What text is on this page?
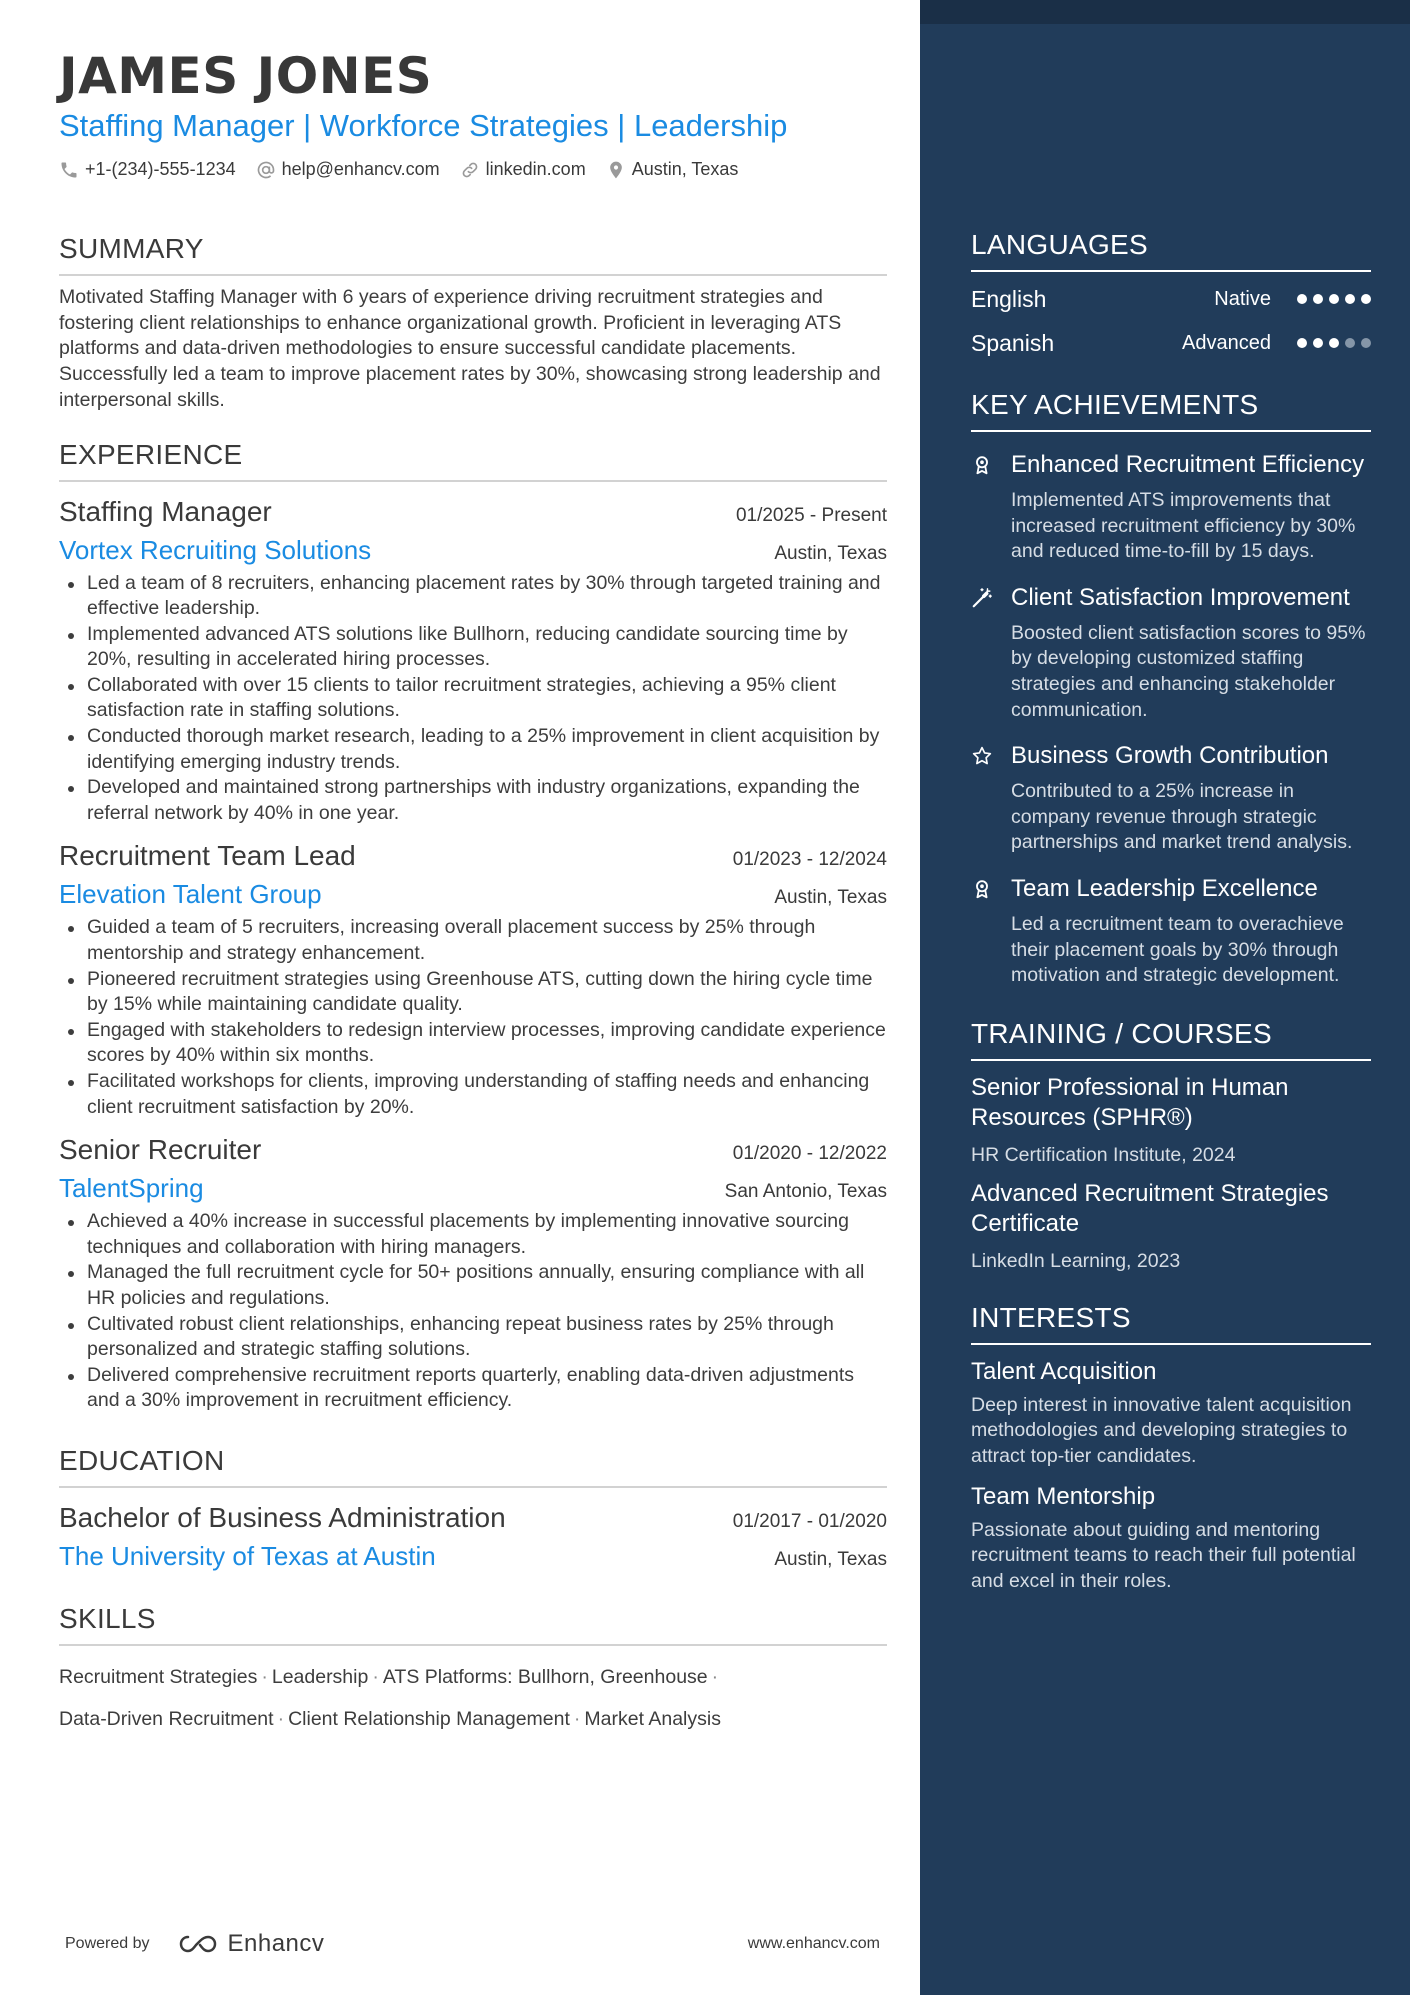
JAMES JONES
Staffing Manager | Workforce Strategies | Leadership
+1-(234)-555-1234	help@enhancv.com	linkedin.com	Austin, Texas
SUMMARY
Motivated Staffing Manager with 6 years of experience driving recruitment strategies and fostering client relationships to enhance organizational growth. Proficient in leveraging ATS platforms and data-driven methodologies to ensure successful candidate placements. Successfully led a team to improve placement rates by 30%, showcasing strong leadership and interpersonal skills.
EXPERIENCE
Staffing Manager	01/2025 - Present
Vortex Recruiting Solutions	Austin, Texas
Led a team of 8 recruiters, enhancing placement rates by 30% through targeted training and effective leadership.
Implemented advanced ATS solutions like Bullhorn, reducing candidate sourcing time by 20%, resulting in accelerated hiring processes.
Collaborated with over 15 clients to tailor recruitment strategies, achieving a 95% client satisfaction rate in staffing solutions.
Conducted thorough market research, leading to a 25% improvement in client acquisition by identifying emerging industry trends.
Developed and maintained strong partnerships with industry organizations, expanding the referral network by 40% in one year.
Recruitment Team Lead	01/2023 - 12/2024
Elevation Talent Group	Austin, Texas
Guided a team of 5 recruiters, increasing overall placement success by 25% through mentorship and strategy enhancement.
Pioneered recruitment strategies using Greenhouse ATS, cutting down the hiring cycle time by 15% while maintaining candidate quality.
Engaged with stakeholders to redesign interview processes, improving candidate experience scores by 40% within six months.
Facilitated workshops for clients, improving understanding of staffing needs and enhancing client recruitment satisfaction by 20%.
Senior Recruiter	01/2020 - 12/2022
TalentSpring	San Antonio, Texas
Achieved a 40% increase in successful placements by implementing innovative sourcing techniques and collaboration with hiring managers.
Managed the full recruitment cycle for 50+ positions annually, ensuring compliance with all HR policies and regulations.
Cultivated robust client relationships, enhancing repeat business rates by 25% through personalized and strategic staffing solutions.
Delivered comprehensive recruitment reports quarterly, enabling data-driven adjustments and a 30% improvement in recruitment efficiency.
EDUCATION
Bachelor of Business Administration	01/2017 - 01/2020
The University of Texas at Austin	Austin, Texas
SKILLS
Recruitment Strategies · Leadership · ATS Platforms: Bullhorn, Greenhouse ·
Data-Driven Recruitment · Client Relationship Management · Market Analysis
Powered by	Enhancv	www.enhancv.com
LANGUAGES
English	Native
Spanish	Advanced
KEY ACHIEVEMENTS
Enhanced Recruitment Efficiency
Implemented ATS improvements that increased recruitment efficiency by 30% and reduced time-to-fill by 15 days.
Client Satisfaction Improvement
Boosted client satisfaction scores to 95% by developing customized staffing strategies and enhancing stakeholder communication.
Business Growth Contribution
Contributed to a 25% increase in company revenue through strategic partnerships and market trend analysis.
Team Leadership Excellence
Led a recruitment team to overachieve their placement goals by 30% through motivation and strategic development.
TRAINING / COURSES
Senior Professional in Human Resources (SPHR®)
HR Certification Institute, 2024
Advanced Recruitment Strategies Certificate
LinkedIn Learning, 2023
INTERESTS
Talent Acquisition
Deep interest in innovative talent acquisition methodologies and developing strategies to attract top-tier candidates.
Team Mentorship
Passionate about guiding and mentoring recruitment teams to reach their full potential and excel in their roles.
